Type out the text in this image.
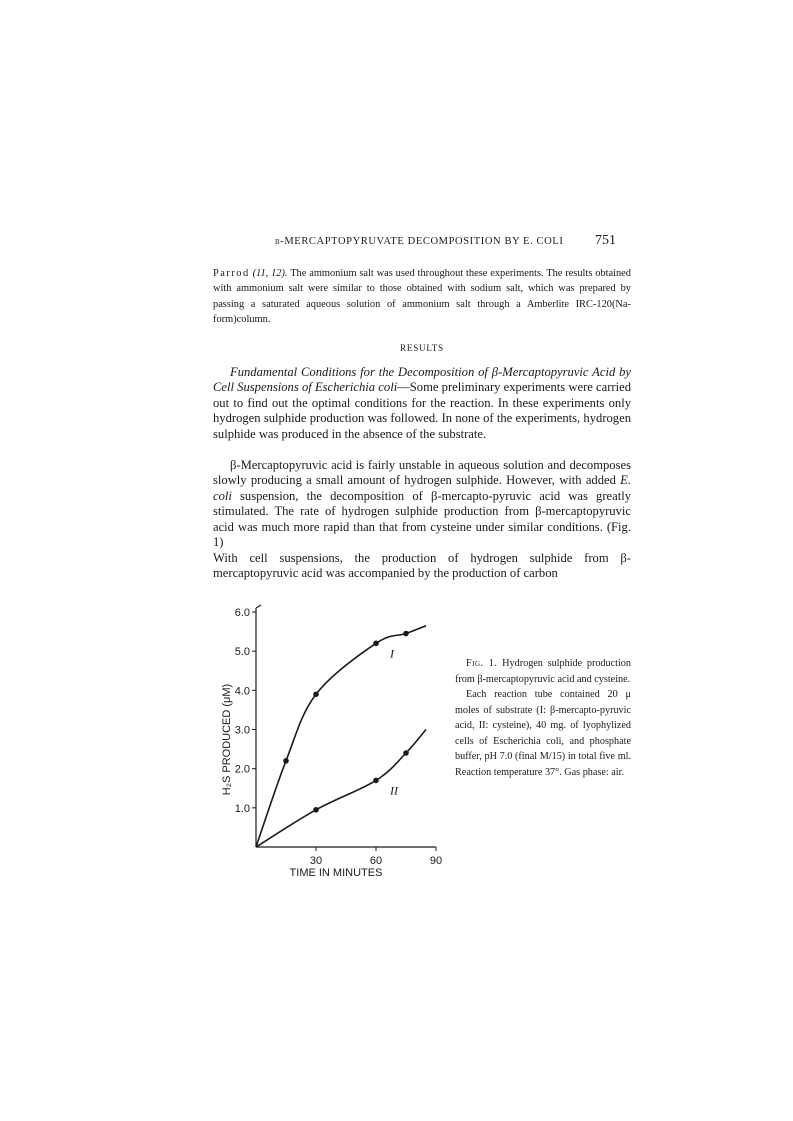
β-MERCAPTOPYRUVATE DECOMPOSITION BY E. COLI	751
Parrod (11, 12). The ammonium salt was used throughout these experiments. The results obtained with ammonium salt were similar to those obtained with sodium salt, which was prepared by passing a saturated aqueous solution of ammonium salt through a Amberlite IRC-120(Na-form)column.
RESULTS
Fundamental Conditions for the Decomposition of β-Mercaptopyruvic Acid by Cell Suspensions of Escherichia coli—Some preliminary experiments were carried out to find out the optimal conditions for the reaction. In these experiments only hydrogen sulphide production was followed. In none of the experiments, hydrogen sulphide was produced in the absence of the substrate.
β-Mercaptopyruvic acid is fairly unstable in aqueous solution and decomposes slowly producing a small amount of hydrogen sulphide. However, with added E. coli suspension, the decomposition of β-mercapto-pyruvic acid was greatly stimulated. The rate of hydrogen sulphide production from β-mercaptopyruvic acid was much more rapid than that from cysteine under similar conditions. (Fig. 1)
With cell suspensions, the production of hydrogen sulphide from β-mercaptopyruvic acid was accompanied by the production of carbon
1.0
2.0
3.0
4.0
5.0
6.0
30	60	90
TIME IN MINUTES
H₂S PRODUCED (μM)
I
II

Fig. 1. Hydrogen sulphide production from β-mercaptopyruvic acid and cysteine.

Each reaction tube contained 20 μ moles of substrate (I: β-mercapto-pyruvic acid, II: cysteine), 40 mg. of lyophylized cells of Escherichia coli, and phosphate buffer, pH 7.0 (final M/15) in total five ml. Reaction temperature 37°. Gas phase: air.
